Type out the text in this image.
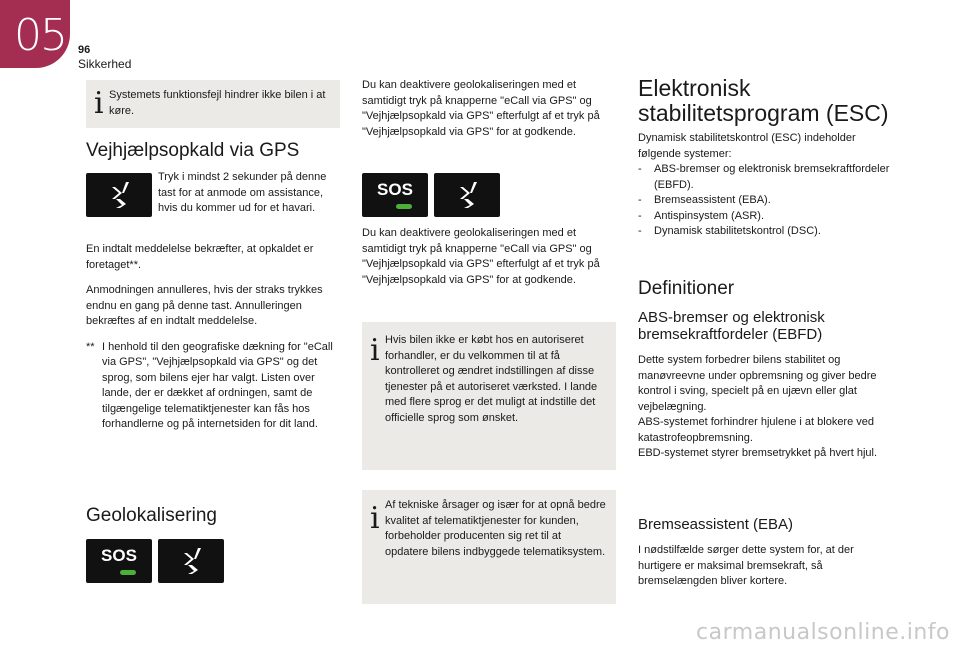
05 96
Sikkerhed
i Systemets funktionsfejl hindrer ikke bilen i at køre.
Vejhjælpsopkald via GPS
Tryk i mindst 2 sekunder på denne tast for at anmode om assistance, hvis du kommer ud for et havari.
En indtalt meddelelse bekræfter, at opkaldet er foretaget**.
Anmodningen annulleres, hvis der straks trykkes endnu en gang på denne tast. Annulleringen bekræftes af en indtalt meddelelse.
** I henhold til den geografiske dækning for "eCall via GPS", "Vejhjælpsopkald via GPS" og det sprog, som bilens ejer har valgt. Listen over lande, der er dækket af ordningen, samt de tilgængelige telematiktjenester kan fås hos forhandlerne og på internetsiden for dit land.
Geolokalisering
SOS
Du kan deaktivere geolokaliseringen med et samtidigt tryk på knapperne "eCall via GPS" og "Vejhjælpsopkald via GPS" efterfulgt af et tryk på "Vejhjælpsopkald via GPS" for at godkende.
SOS
Du kan deaktivere geolokaliseringen med et samtidigt tryk på knapperne "eCall via GPS" og "Vejhjælpsopkald via GPS" efterfulgt af et tryk på "Vejhjælpsopkald via GPS" for at godkende.
i Hvis bilen ikke er købt hos en autoriseret forhandler, er du velkommen til at få kontrolleret og ændret indstillingen af disse tjenester på et autoriseret værksted. I lande med flere sprog er det muligt at indstille det officielle sprog som ønsket.
i Af tekniske årsager og især for at opnå bedre kvalitet af telematiktjenester for kunden, forbeholder producenten sig ret til at opdatere bilens indbyggede telematiksystem.
Elektronisk stabilitetsprogram (ESC)
Dynamisk stabilitetskontrol (ESC) indeholder følgende systemer:
- ABS-bremser og elektronisk bremsekraftfordeler (EBFD).
- Bremseassistent (EBA).
- Antispinsystem (ASR).
- Dynamisk stabilitetskontrol (DSC).
Definitioner
ABS-bremser og elektronisk bremsekraftfordeler (EBFD)
Dette system forbedrer bilens stabilitet og manøvreevne under opbremsning og giver bedre kontrol i sving, specielt på en ujævn eller glat vejbelægning.
ABS-systemet forhindrer hjulene i at blokere ved katastrofeopbremsning.
EBD-systemet styrer bremsetrykket på hvert hjul.
Bremseassistent (EBA)
I nødstilfælde sørger dette system for, at der hurtigere er maksimal bremsekraft, så bremselængden bliver kortere.
carmanualsonline.info
